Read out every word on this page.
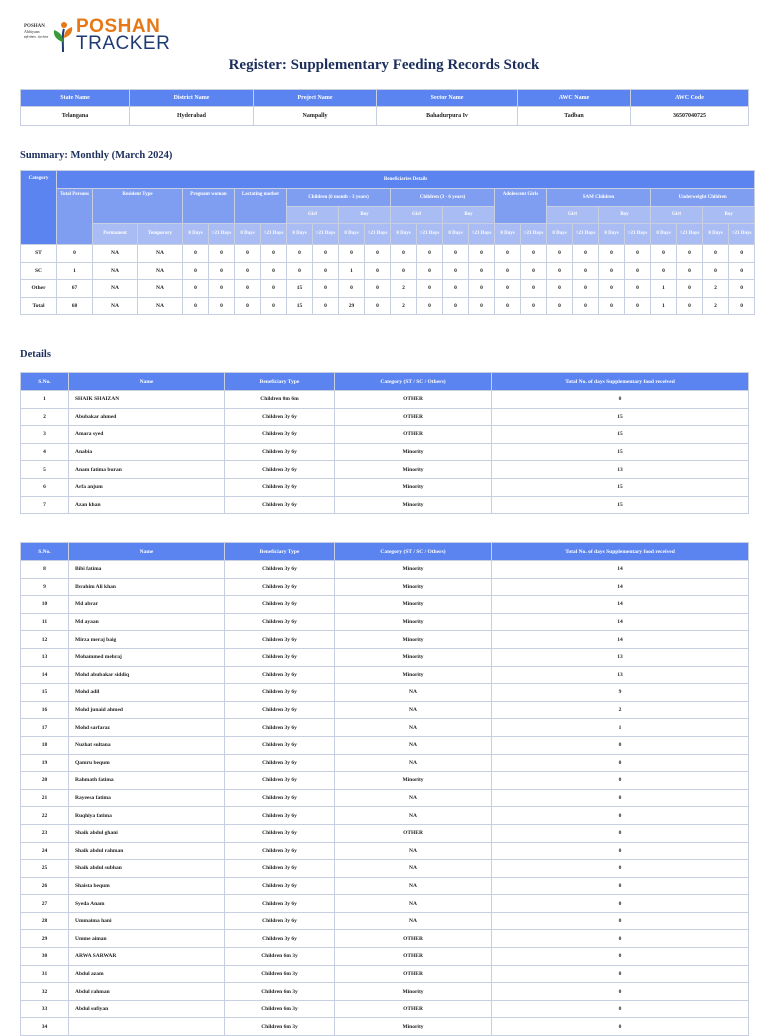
POSHAN
Abhiyaan
सही पोषण - देश रोशन POSHAN
TRACKER
Register: Supplementary Feeding Records Stock
State Name	District Name	Project Name	Sector Name	AWC Name	AWC Code
Telangana	Hyderabad	Nampally	Bahadurpura Iv	Tadban	36507040725
Summary: Monthly (March 2024)
Category	Beneficiaries Details																								
	Total Persons	Resident Type		Pregnant woman		Lactating mother		Children (6 month - 3 years)				Children (3 - 6 years)				Adolescent Girls		SAM Children				Underweight Children			
								Girl		Boy		Girl		Boy				Girl		Boy		Girl		Boy	
		Permanent	Temporary	0 Days	>21 Days	0 Days	>21 Days	0 Days	>21 Days	0 Days	>21 Days	0 Days	>21 Days	0 Days	>21 Days	0 Days	>21 Days	0 Days	>21 Days	0 Days	>21 Days	0 Days	>21 Days	0 Days	>21 Days
ST	0	NA	NA	0	0	0	0	0	0	0	0	0	0	0	0	0	0	0	0	0	0	0	0	0	0
SC	1	NA	NA	0	0	0	0	0	0	1	0	0	0	0	0	0	0	0	0	0	0	0	0	0	0
Other	67	NA	NA	0	0	0	0	15	0	0	0	2	0	0	0	0	0	0	0	0	0	1	0	2	0
Total	68	NA	NA	0	0	0	0	15	0	29	0	2	0	0	0	0	0	0	0	0	0	1	0	2	0
Details
S.No.	Name	Beneficiary Type	Category (ST / SC / Others)	Total No. of days Supplementary food received
1	SHAIK SHAIZAN	Children 0m 6m	OTHER	0
2	Abubakar ahmed	Children 3y 6y	OTHER	15
3	Amara syed	Children 3y 6y	OTHER	15
4	Anabia	Children 3y 6y	Minority	15
5	Anam fatima buran	Children 3y 6y	Minority	13
6	Arfa anjum	Children 3y 6y	Minority	15
7	Azan khan	Children 3y 6y	Minority	15
S.No.	Name	Beneficiary Type	Category (ST / SC / Others)	Total No. of days Supplementary food received
8	Bibi fatima	Children 3y 6y	Minority	14
9	Ibrahim Ali khan	Children 3y 6y	Minority	14
10	Md abrar	Children 3y 6y	Minority	14
11	Md ayaan	Children 3y 6y	Minority	14
12	Mirza meraj baig	Children 3y 6y	Minority	14
13	Mohammed mehraj	Children 3y 6y	Minority	13
14	Mohd abubakar siddiq	Children 3y 6y	Minority	13
15	Mohd adil	Children 3y 6y	NA	9
16	Mohd junaid ahmed	Children 3y 6y	NA	2
17	Mohd sarfaraz	Children 3y 6y	NA	1
18	Nuzhat sultana	Children 3y 6y	NA	0
19	Qamru bequm	Children 3y 6y	NA	0
20	Rahmath fatima	Children 3y 6y	Minority	0
21	Rayeesa fatima	Children 3y 6y	NA	0
22	Ruqhiya fatima	Children 3y 6y	NA	0
23	Shaik abdul ghani	Children 3y 6y	OTHER	0
24	Shaik abdul rahman	Children 3y 6y	NA	0
25	Shaik abdul subhan	Children 3y 6y	NA	0
26	Shaista bequm	Children 3y 6y	NA	0
27	Syeda Anam	Children 3y 6y	NA	0
28	Ummaima hani	Children 3y 6y	NA	0
29	Umme aiman	Children 3y 6y	OTHER	0
30	ARWA SARWAR	Children 6m 3y	OTHER	0
31	Abdul azam	Children 6m 3y	OTHER	0
32	Abdul rahman	Children 6m 3y	Minority	0
33	Abdul sufiyan	Children 6m 3y	OTHER	0
34		Children 6m 3y	Minority	0
